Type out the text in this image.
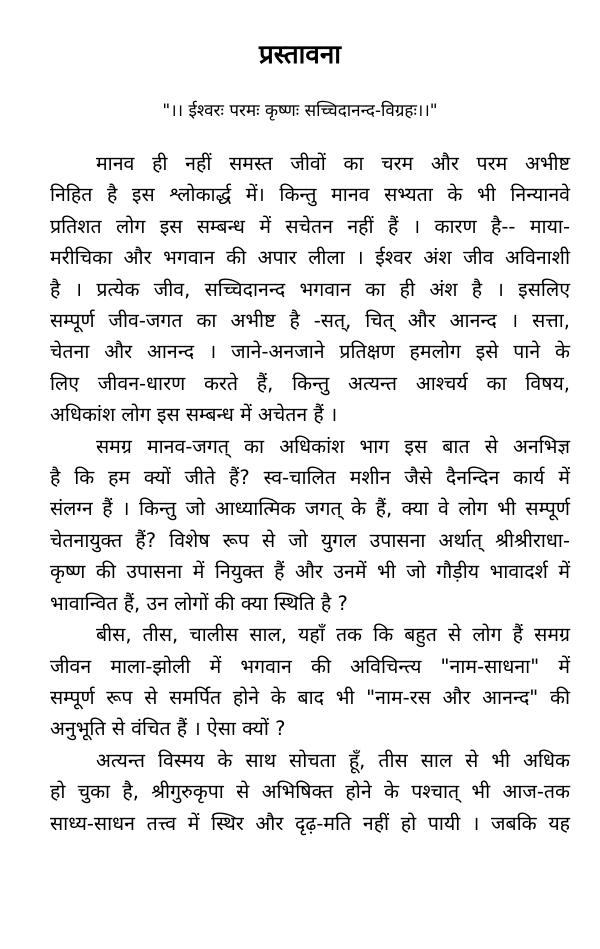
प्रस्तावना
"।। ईश्वरः परमः कृष्णः सच्चिदानन्द-विग्रहः।।"

मानव ही नहीं समस्त जीवों का चरम और परम अभीष्ट
निहित है इस श्लोकार्द्ध में। किन्तु मानव सभ्यता के भी निन्यानवे
प्रतिशत लोग इस सम्बन्ध में सचेतन नहीं हैं । कारण है-- माया-
मरीचिका और भगवान की अपार लीला । ईश्वर अंश जीव अविनाशी
है । प्रत्येक जीव, सच्चिदानन्द भगवान का ही अंश है । इसलिए
सम्पूर्ण जीव-जगत का अभीष्ट है -सत्, चित् और आनन्द । सत्ता,
चेतना और आनन्द । जाने-अनजाने प्रतिक्षण हमलोग इसे पाने के
लिए जीवन-धारण करते हैं, किन्तु अत्यन्त आश्चर्य का विषय,
अधिकांश लोग इस सम्बन्ध में अचेतन हैं ।

समग्र मानव-जगत् का अधिकांश भाग इस बात से अनभिज्ञ
है कि हम क्यों जीते हैं? स्व-चालित मशीन जैसे दैनन्दिन कार्य में
संलग्न हैं । किन्तु जो आध्यात्मिक जगत् के हैं, क्या वे लोग भी सम्पूर्ण
चेतनायुक्त हैं? विशेष रूप से जो युगल उपासना अर्थात् श्रीश्रीराधा-
कृष्ण की उपासना में नियुक्त हैं और उनमें भी जो गौड़ीय भावादर्श में
भावान्वित हैं, उन लोगों की क्या स्थिति है ?

बीस, तीस, चालीस साल, यहाँ तक कि बहुत से लोग हैं समग्र
जीवन माला-झोली में भगवान की अविचिन्त्य "नाम-साधना" में
सम्पूर्ण रूप से समर्पित होने के बाद भी "नाम-रस और आनन्द" की
अनुभूति से वंचित हैं । ऐसा क्यों ?

अत्यन्त विस्मय के साथ सोचता हूँ, तीस साल से भी अधिक
हो चुका है, श्रीगुरुकृपा से अभिषिक्त होने के पश्चात् भी आज-तक
साध्य-साधन तत्त्व में स्थिर और दृढ़-मति नहीं हो पायी । जबकि यह
